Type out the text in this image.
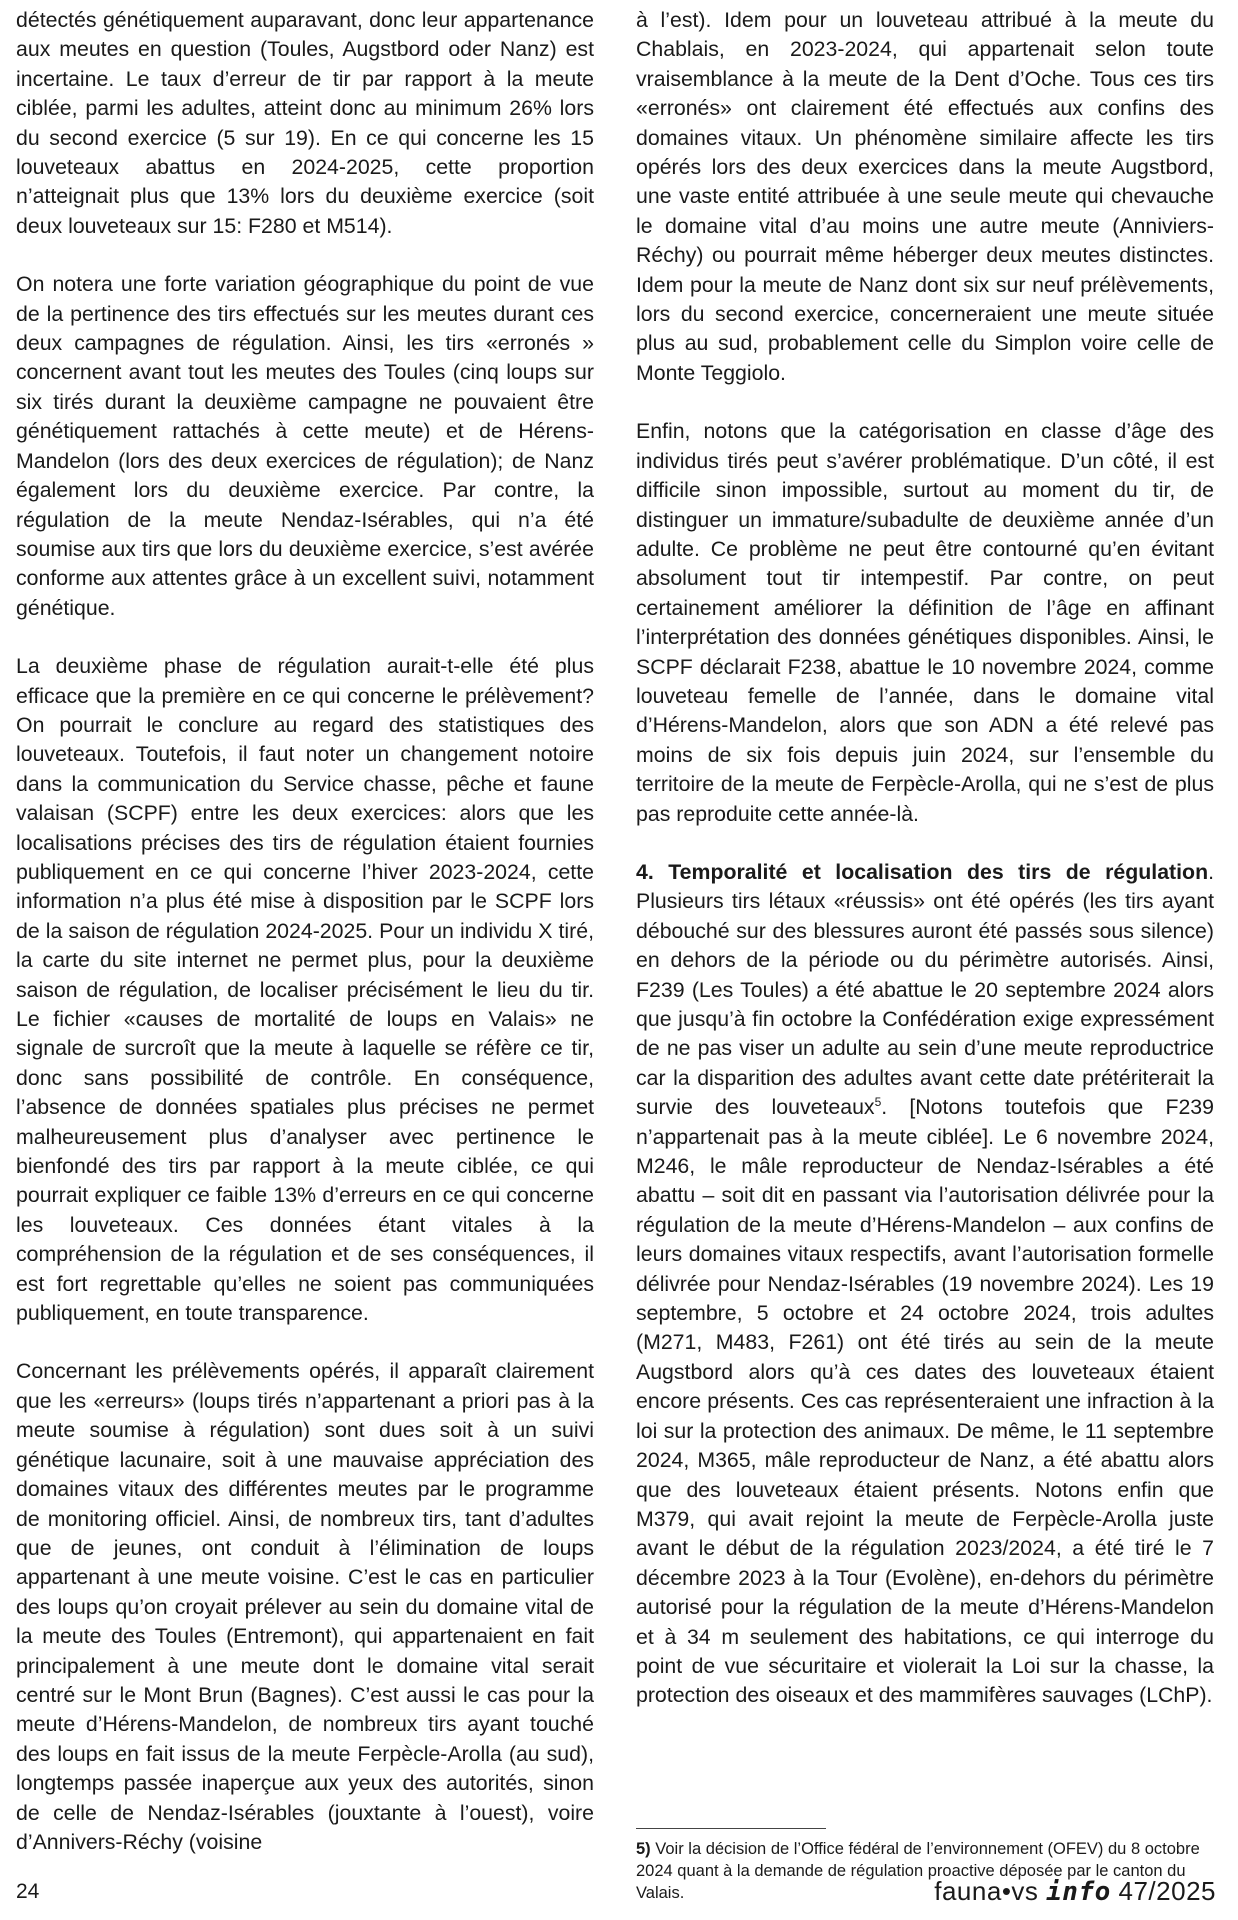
détectés génétiquement auparavant, donc leur appartenance aux meutes en question (Toules, Augstbord oder Nanz) est incertaine. Le taux d’erreur de tir par rapport à la meute ciblée, parmi les adultes, atteint donc au minimum 26% lors du second exercice (5 sur 19). En ce qui concerne les 15 louveteaux abattus en 2024-2025, cette proportion n’atteignait plus que 13% lors du deuxième exercice (soit deux louveteaux sur 15: F280 et M514).

On notera une forte variation géographique du point de vue de la pertinence des tirs effectués sur les meutes durant ces deux campagnes de régulation. Ainsi, les tirs «erronés » concernent avant tout les meutes des Toules (cinq loups sur six tirés durant la deuxième campagne ne pouvaient être génétiquement rattachés à cette meute) et de Hérens-Mandelon (lors des deux exercices de régulation); de Nanz également lors du deuxième exercice. Par contre, la régulation de la meute Nendaz-Isérables, qui n’a été soumise aux tirs que lors du deuxième exercice, s’est avérée conforme aux attentes grâce à un excellent suivi, notamment génétique.

La deuxième phase de régulation aurait-t-elle été plus efficace que la première en ce qui concerne le prélèvement? On pourrait le conclure au regard des statistiques des louveteaux. Toutefois, il faut noter un changement notoire dans la communication du Service chasse, pêche et faune valaisan (SCPF) entre les deux exercices: alors que les localisations précises des tirs de régulation étaient fournies publiquement en ce qui concerne l’hiver 2023-2024, cette information n’a plus été mise à disposition par le SCPF lors de la saison de régulation 2024-2025. Pour un individu X tiré, la carte du site internet ne permet plus, pour la deuxième saison de régulation, de localiser précisément le lieu du tir. Le fichier «causes de mortalité de loups en Valais» ne signale de surcroît que la meute à laquelle se réfère ce tir, donc sans possibilité de contrôle. En conséquence, l’absence de données spatiales plus précises ne permet malheureusement plus d’analyser avec pertinence le bienfondé des tirs par rapport à la meute ciblée, ce qui pourrait expliquer ce faible 13% d’erreurs en ce qui concerne les louveteaux. Ces données étant vitales à la compréhension de la régulation et de ses conséquences, il est fort regrettable qu’elles ne soient pas communiquées publiquement, en toute transparence.

Concernant les prélèvements opérés, il apparaît clairement que les «erreurs» (loups tirés n’appartenant a priori pas à la meute soumise à régulation) sont dues soit à un suivi génétique lacunaire, soit à une mauvaise appréciation des domaines vitaux des différentes meutes par le programme de monitoring officiel. Ainsi, de nombreux tirs, tant d’adultes que de jeunes, ont conduit à l’élimination de loups appartenant à une meute voisine. C’est le cas en particulier des loups qu’on croyait prélever au sein du domaine vital de la meute des Toules (Entremont), qui appartenaient en fait principalement à une meute dont le domaine vital serait centré sur le Mont Brun (Bagnes). C’est aussi le cas pour la meute d’Hérens-Mandelon, de nombreux tirs ayant touché des loups en fait issus de la meute Ferpècle-Arolla (au sud), longtemps passée inaperçue aux yeux des autorités, sinon de celle de Nendaz-Isérables (jouxtante à l’ouest), voire d’Annivers-Réchy (voisine

à l’est). Idem pour un louveteau attribué à la meute du Chablais, en 2023-2024, qui appartenait selon toute vraisemblance à la meute de la Dent d’Oche. Tous ces tirs «erronés» ont clairement été effectués aux confins des domaines vitaux. Un phénomène similaire affecte les tirs opérés lors des deux exercices dans la meute Augstbord, une vaste entité attribuée à une seule meute qui chevauche le domaine vital d’au moins une autre meute (Anniviers-Réchy) ou pourrait même héberger deux meutes distinctes. Idem pour la meute de Nanz dont six sur neuf prélèvements, lors du second exercice, concerneraient une meute située plus au sud, probablement celle du Simplon voire celle de Monte Teggiolo.

Enfin, notons que la catégorisation en classe d’âge des individus tirés peut s’avérer problématique. D’un côté, il est difficile sinon impossible, surtout au moment du tir, de distinguer un immature/subadulte de deuxième année d’un adulte. Ce problème ne peut être contourné qu’en évitant absolument tout tir intempestif. Par contre, on peut certainement améliorer la définition de l’âge en affinant l’interprétation des données génétiques disponibles. Ainsi, le SCPF déclarait F238, abattue le 10 novembre 2024, comme louveteau femelle de l’année, dans le domaine vital d’Hérens-Mandelon, alors que son ADN a été relevé pas moins de six fois depuis juin 2024, sur l’ensemble du territoire de la meute de Ferpècle-Arolla, qui ne s’est de plus pas reproduite cette année-là.

4. Temporalité et localisation des tirs de régulation. Plusieurs tirs létaux «réussis» ont été opérés (les tirs ayant débouché sur des blessures auront été passés sous silence) en dehors de la période ou du périmètre autorisés. Ainsi, F239 (Les Toules) a été abattue le 20 septembre 2024 alors que jusqu’à fin octobre la Confédération exige expressément de ne pas viser un adulte au sein d’une meute reproductrice car la disparition des adultes avant cette date prétériterait la survie des louveteaux$^5$. [Notons toutefois que F239 n’appartenait pas à la meute ciblée]. Le 6 novembre 2024, M246, le mâle reproducteur de Nendaz-Isérables a été abattu – soit dit en passant via l’autorisation délivrée pour la régulation de la meute d’Hérens-Mandelon – aux confins de leurs domaines vitaux respectifs, avant l’autorisation formelle délivrée pour Nendaz-Isérables (19 novembre 2024). Les 19 septembre, 5 octobre et 24 octobre 2024, trois adultes (M271, M483, F261) ont été tirés au sein de la meute Augstbord alors qu’à ces dates des louveteaux étaient encore présents. Ces cas représenteraient une infraction à la loi sur la protection des animaux. De même, le 11 septembre 2024, M365, mâle reproducteur de Nanz, a été abattu alors que des louveteaux étaient présents. Notons enfin que M379, qui avait rejoint la meute de Ferpècle-Arolla juste avant le début de la régulation 2023/2024, a été tiré le 7 décembre 2023 à la Tour (Evolène), en-dehors du périmètre autorisé pour la régulation de la meute d’Hérens-Mandelon et à 34 m seulement des habitations, ce qui interroge du point de vue sécuritaire et violerait la Loi sur la chasse, la protection des oiseaux et des mammifères sauvages (LChP).

5) Voir la décision de l’Office fédéral de l’environnement (OFEV) du 8 octobre 2024 quant à la demande de régulation proactive déposée par le canton du Valais.
24	fauna•vs info 47/2025
